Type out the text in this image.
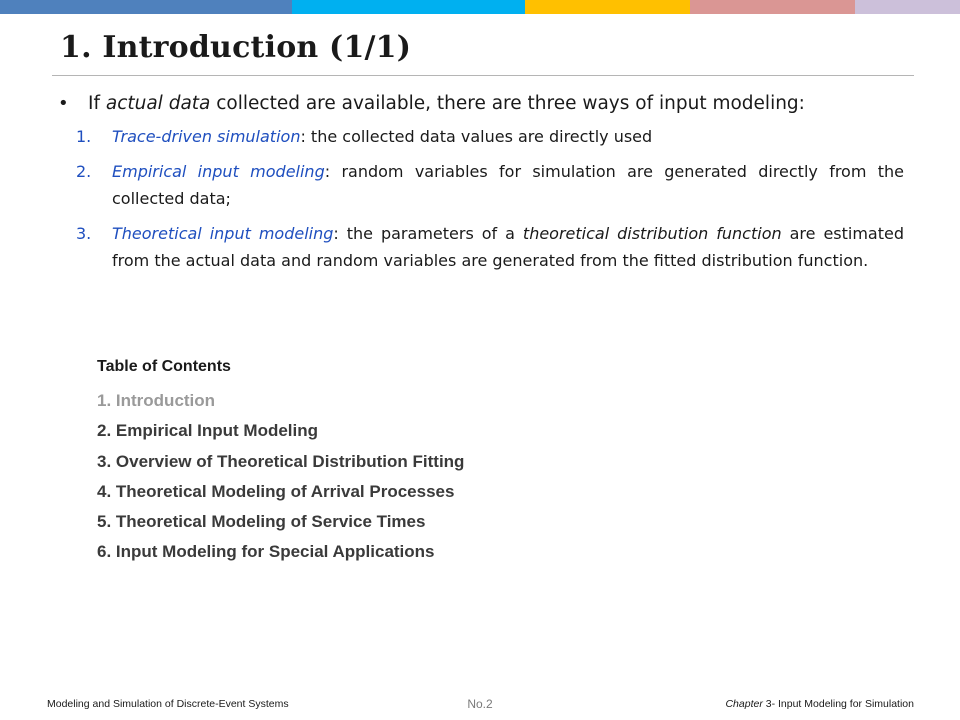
1. Introduction (1/1)
• If actual data collected are available, there are three ways of input modeling:

1.	Trace-driven simulation: the collected data values are directly used
2.	Empirical input modeling: random variables for simulation are generated directly from the collected data;
3.	Theoretical input modeling: the parameters of a theoretical distribution function are estimated from the actual data and random variables are generated from the fitted distribution function.
Table of Contents
1. Introduction
2. Empirical Input Modeling
3. Overview of Theoretical Distribution Fitting
4. Theoretical Modeling of Arrival Processes
5. Theoretical Modeling of Service Times
6. Input Modeling for Special Applications
Modeling and Simulation of Discrete-Event Systems	No.2	Chapter 3- Input Modeling for Simulation
